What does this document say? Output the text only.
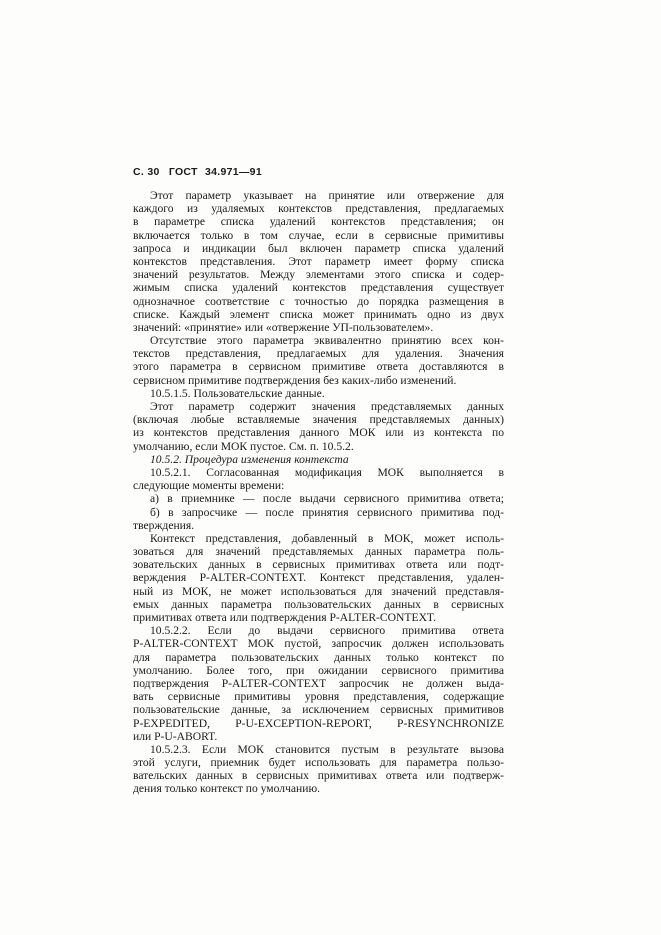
С. 30 ГОСТ 34.971—91
Этот параметр указывает на принятие или отвержение для
каждого из удаляемых контекстов представления, предлагаемых
в параметре списка удалений контекстов представления; он
включается только в том случае, если в сервисные примитивы
запроса и индикации был включен параметр списка удалений
контекстов представления. Этот параметр имеет форму списка
значений результатов. Между элементами этого списка и содер-
жимым списка удалений контекстов представления существует
однозначное соответствие с точностью до порядка размещения в
списке. Каждый элемент списка может принимать одно из двух
значений: «принятие» или «отвержение УП-пользователем».
Отсутствие этого параметра эквивалентно принятию всех кон-
текстов представления, предлагаемых для удаления. Значения
этого параметра в сервисном примитиве ответа доставляются в
сервисном примитиве подтверждения без каких-либо изменений.
10.5.1.5. Пользовательские данные.
Этот параметр содержит значения представляемых данных
(включая любые вставляемые значения представляемых данных)
из контекстов представления данного МОК или из контекста по
умолчанию, если МОК пустое. См. п. 10.5.2.
10.5.2. Процедура изменения контекста
10.5.2.1. Согласованная модификация МОК выполняется в
следующие моменты времени:
а) в приемнике — после выдачи сервисного примитива ответа;
б) в запросчике — после принятия сервисного примитива под-
тверждения.
Контекст представления, добавленный в МОК, может исполь-
зоваться для значений представляемых данных параметра поль-
зовательских данных в сервисных примитивах ответа или подт-
верждения P-ALTER-CONTEXT. Контекст представления, удален-
ный из МОК, не может использоваться для значений представля-
емых данных параметра пользовательских данных в сервисных
примитивах ответа или подтверждения P-ALTER-CONTEXT.
10.5.2.2. Если до выдачи сервисного примитива ответа
P-ALTER-CONTEXT МОК пустой, запросчик должен использовать
для параметра пользовательских данных только контекст по
умолчанию. Более того, при ожидании сервисного примитива
подтверждения P-ALTER-CONTEXT запросчик не должен выда-
вать сервисные примитивы уровня представления, содержащие
пользовательские данные, за исключением сервисных примитивов
P-EXPEDITED, P-U-EXCEPTION-REPORT, P-RESYNCHRONIZE
или P-U-ABORT.
10.5.2.3. Если МОК становится пустым в результате вызова
этой услуги, приемник будет использовать для параметра пользо-
вательских данных в сервисных примитивах ответа или подтверж-
дения только контекст по умолчанию.
